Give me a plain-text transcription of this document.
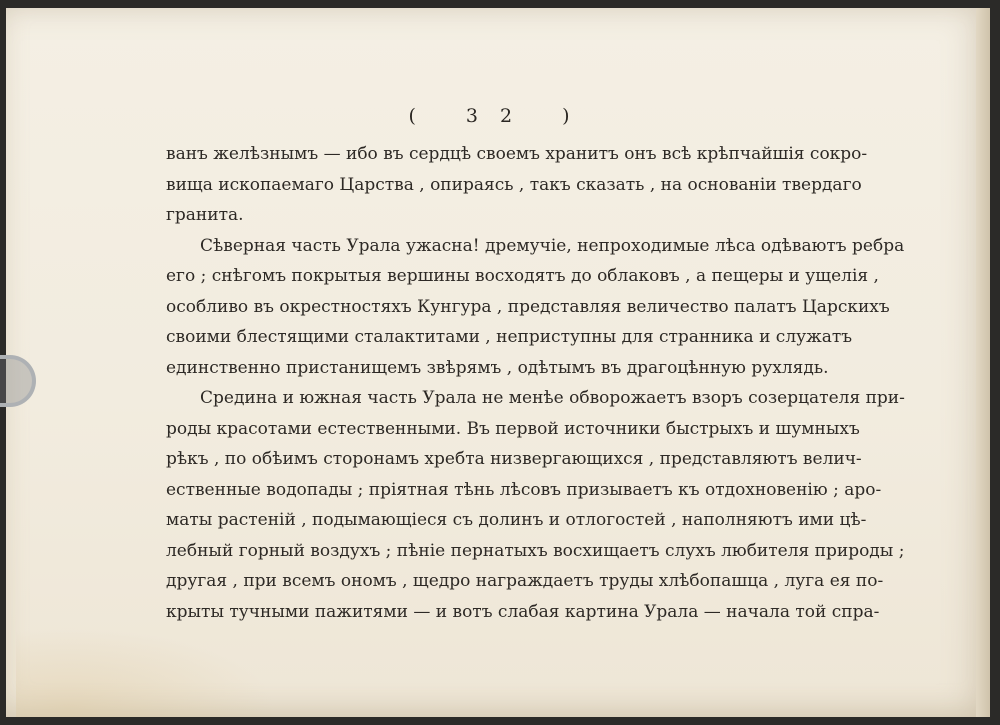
( 32 )
ванъ желѣзнымъ — ибо въ сердцѣ своемъ хранитъ онъ всѣ крѣпчайшія сокро-
вища ископаемаго Царства , опираясь , такъ сказать , на основаніи твердаго
гранита.
Сѣверная часть Урала ужасна! дремучіе, непроходимые лѣса одѣваютъ ребра
его ; снѣгомъ покрытыя вершины восходятъ до облаковъ , а пещеры и ущелія ,
особливо въ окрестностяхъ Кунгура , представляя величество палатъ Царскихъ
своими блестящими сталактитами , неприступны для странника и служатъ
единственно пристанищемъ звѣрямъ , одѣтымъ въ драгоцѣнную рухлядь.
Средина и южная часть Урала не менѣе обворожаетъ взоръ созерцателя при-
роды красотами естественными. Въ первой источники быстрыхъ и шумныхъ
рѣкъ , по обѣимъ сторонамъ хребта низвергающихся , представляютъ велич-
ественные водопады ; пріятная тѣнь лѣсовъ призываетъ къ отдохновенію ; аро-
маты растеній , подымающіеся съ долинъ и отлогостей , наполняютъ ими цѣ-
лебный горный воздухъ ; пѣніе пернатыхъ восхищаетъ слухъ любителя природы ;
другая , при всемъ ономъ , щедро награждаетъ труды хлѣбопашца , луга ея по-
крыты тучными пажитями — и вотъ слабая картина Урала — начала той спра-
